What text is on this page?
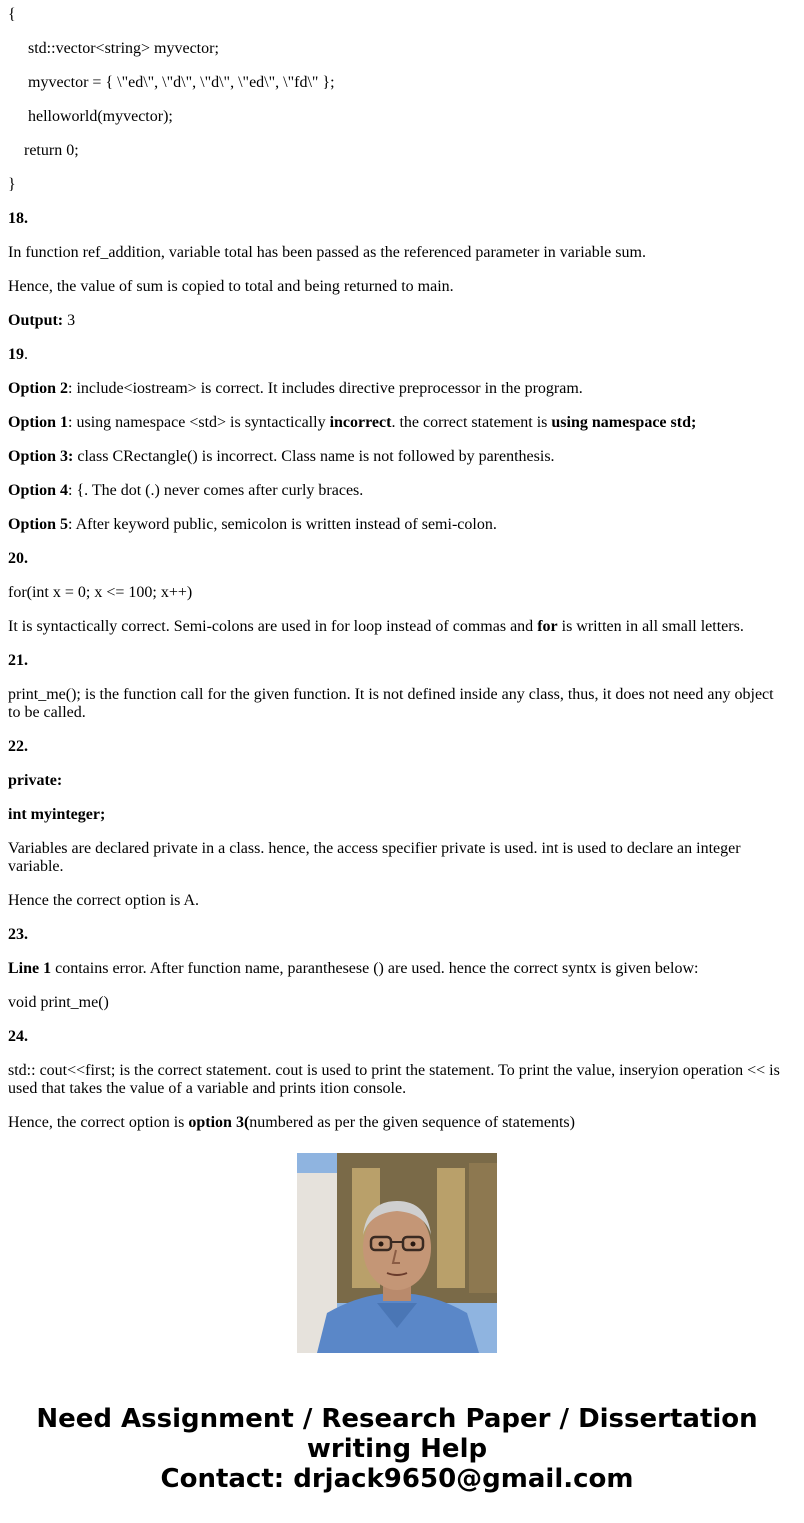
{
std::vector<string> myvector;
myvector = { \"ed\", \"d\", \"d\", \"ed\", \"fd\" };
helloworld(myvector);
return 0;
}
18.
In function ref_addition, variable total has been passed as the referenced parameter in variable sum.
Hence, the value of sum is copied to total and being returned to main.
Output: 3
19.
Option 2: include<iostream> is correct. It includes directive preprocessor in the program.
Option 1: using namespace <std> is syntactically incorrect. the correct statement is using namespace std;
Option 3: class CRectangle() is incorrect. Class name is not followed by parenthesis.
Option 4: {. The dot (.) never comes after curly braces.
Option 5: After keyword public, semicolon is written instead of semi-colon.
20.
for(int x = 0; x <= 100; x++)
It is syntactically correct. Semi-colons are used in for loop instead of commas and for is written in all small letters.
21.
print_me(); is the function call for the given function. It is not defined inside any class, thus, it does not need any object to be called.
22.
private:
int myinteger;
Variables are declared private in a class. hence, the access specifier private is used. int is used to declare an integer variable.
Hence the correct option is A.
23.
Line 1 contains error. After function name, paranthesese () are used. hence the correct syntx is given below:
void print_me()
24.
std:: cout<<first; is the correct statement. cout is used to print the statement. To print the value, inseryion operation << is used that takes the value of a variable and prints ition console.
Hence, the correct option is option 3(numbered as per the given sequence of statements)
Need Assignment / Research Paper / Dissertation
writing Help
Contact: drjack9650@gmail.com
